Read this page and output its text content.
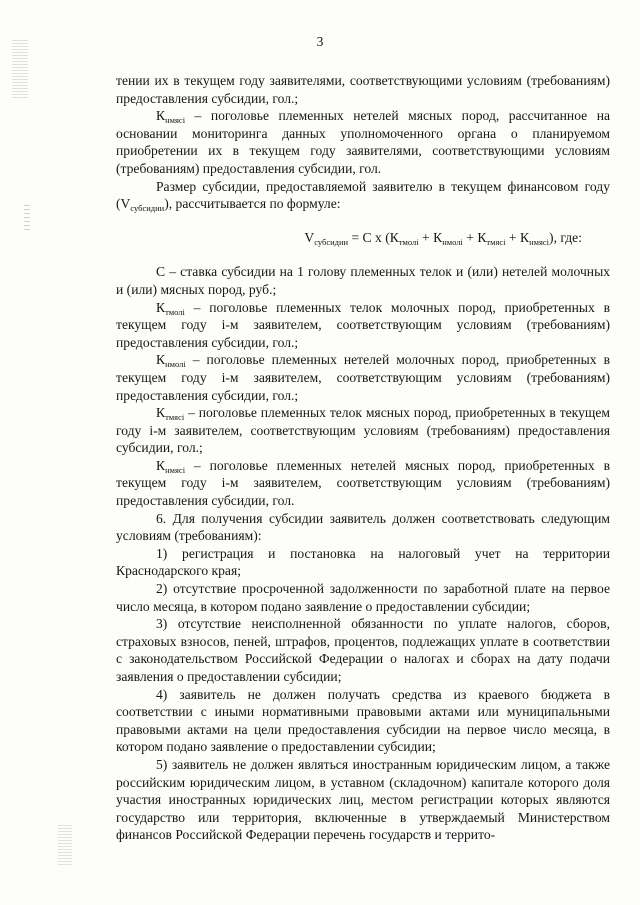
3

тении их в текущем году заявителями, соответствующими условиям (требованиям) предоставления субсидии, гол.;

$К_{нмясi}$ – поголовье племенных нетелей мясных пород, рассчитанное на основании мониторинга данных уполномоченного органа о планируемом приобретении их в текущем году заявителями, соответствующими условиям (требованиям) предоставления субсидии, гол.

Размер субсидии, предоставляемой заявителю в текущем финансовом году $(V_{субсидии})$, рассчитывается по формуле:

$V_{субсидии} = С$ х $(К_{тмолi} + К_{нмолi} + К_{тмясi} + К_{нмясi})$, где:

С – ставка субсидии на 1 голову племенных телок и (или) нетелей молочных и (или) мясных пород, руб.;

$К_{тмолi}$ – поголовье племенных телок молочных пород, приобретенных в текущем году i-м заявителем, соответствующим условиям (требованиям) предоставления субсидии, гол.;

$К_{нмолi}$ – поголовье племенных нетелей молочных пород, приобретенных в текущем году i-м заявителем, соответствующим условиям (требованиям) предоставления субсидии, гол.;

$К_{тмясi}$ – поголовье племенных телок мясных пород, приобретенных в текущем году i-м заявителем, соответствующим условиям (требованиям) предоставления субсидии, гол.;

$К_{нмясi}$ – поголовье племенных нетелей мясных пород, приобретенных в текущем году i-м заявителем, соответствующим условиям (требованиям) предоставления субсидии, гол.

6. Для получения субсидии заявитель должен соответствовать следующим условиям (требованиям):

1) регистрация и постановка на налоговый учет на территории Краснодарского края;

2) отсутствие просроченной задолженности по заработной плате на первое число месяца, в котором подано заявление о предоставлении субсидии;

3) отсутствие неисполненной обязанности по уплате налогов, сборов, страховых взносов, пеней, штрафов, процентов, подлежащих уплате в соответствии с законодательством Российской Федерации о налогах и сборах на дату подачи заявления о предоставлении субсидии;

4) заявитель не должен получать средства из краевого бюджета в соответствии с иными нормативными правовыми актами или муниципальными правовыми актами на цели предоставления субсидии на первое число месяца, в котором подано заявление о предоставлении субсидии;

5) заявитель не должен являться иностранным юридическим лицом, а также российским юридическим лицом, в уставном (складочном) капитале которого доля участия иностранных юридических лиц, местом регистрации которых являются государство или территория, включенные в утверждаемый Министерством финансов Российской Федерации перечень государств и террито-
